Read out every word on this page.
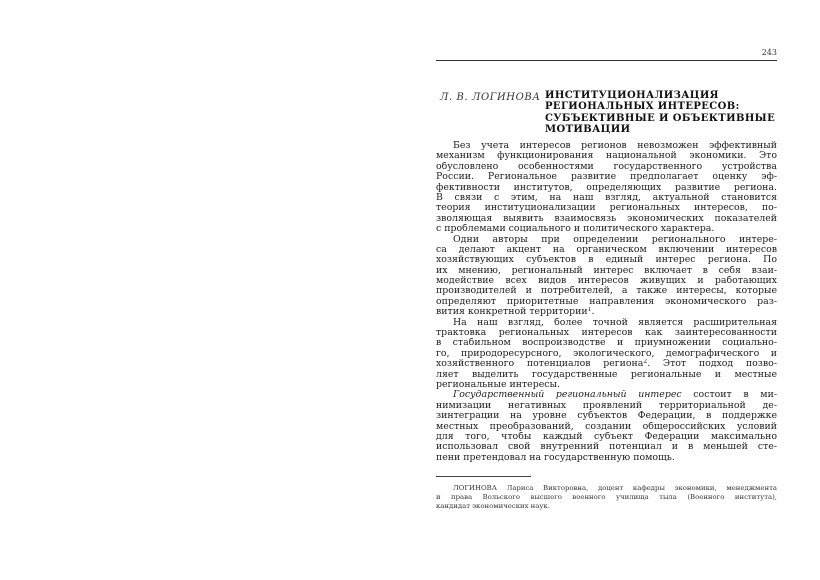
243
Л. В. ЛОГИНОВА ИНСТИТУЦИОНАЛИЗАЦИЯ
РЕГИОНАЛЬНЫХ ИНТЕРЕСОВ:
СУБЪЕКТИВНЫЕ И ОБЪЕКТИВНЫЕ
МОТИВАЦИИ
Без учета интересов регионов невозможен эффективный
механизм функционирования национальной экономики. Это
обусловлено особенностями государственного устройства
России. Региональное развитие предполагает оценку эф-
фективности институтов, определяющих развитие региона.
В связи с этим, на наш взгляд, актуальной становится
теория институционализации региональных интересов, по-
зволяющая выявить взаимосвязь экономических показателей
с проблемами социального и политического характера.
Одни авторы при определении регионального интере-
са делают акцент на органическом включении интересов
хозяйствующих субъектов в единый интерес региона. По
их мнению, региональный интерес включает в себя взаи-
модействие всех видов интересов живущих и работающих
производителей и потребителей, а также интересы, которые
определяют приоритетные направления экономического раз-
вития конкретной территории$^1$.
На наш взгляд, более точной является расширительная
трактовка региональных интересов как заинтересованности
в стабильном воспроизводстве и приумножении социально-
го, природоресурсного, экологического, демографического и
хозяйственного потенциалов региона$^2$. Этот подход позво-
ляет выделить государственные региональные и местные
региональные интересы.
Государственный региональный интерес состоит в ми-
нимизации негативных проявлений территориальной де-
зинтеграции на уровне субъектов Федерации, в поддержке
местных преобразований, создании общероссийских условий
для того, чтобы каждый субъект Федерации максимально
использовал свой внутренний потенциал и в меньшей сте-
пени претендовал на государственную помощь.
ЛОГИНОВА Лариса Викторовна, доцент кафедры экономики, менеджмента
и права Вольского высшего военного училища тыла (Военного института),
кандидат экономических наук.
